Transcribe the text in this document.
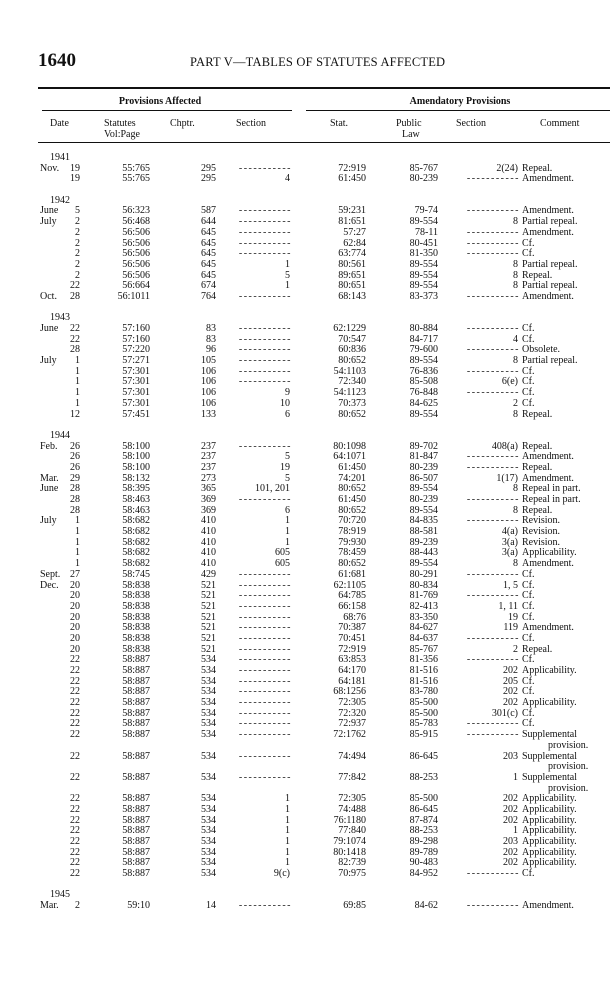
1640	PART V—TABLES OF STATUTES AFFECTED
Provisions Affected	Amendatory Provisions
Date	Statutes
Vol:Page
Chptr.	Section	Stat.	Public
Law
Section	Comment
1941
Nov. 19	55:765	295	- - - - - - - - - - -	72:919	85-767	2(24) Repeal.
19	55:765	295	4	61:450	80-239	- - - - - - - - - - - Amendment.
1942
June 5	56:323	587	- - - - - - - - - - -	59:231	79-74	- - - - - - - - - - - Amendment.
July 2	56:468	644	- - - - - - - - - - -	81:651	89-554	8 Partial repeal.
2	56:506	645	- - - - - - - - - - -	57:27	78-11	- - - - - - - - - - - Amendment.
2	56:506	645	- - - - - - - - - - -	62:84	80-451	- - - - - - - - - - - Cf.
2	56:506	645	- - - - - - - - - - -	63:774	81-350	- - - - - - - - - - - Cf.
2	56:506	645	1	80:561	89-554	8 Partial repeal.
2	56:506	645	5	89:651	89-554	8 Repeal.
22	56:664	674	1	80:651	89-554	8 Partial repeal.
Oct. 28	56:1011	764	- - - - - - - - - - -	68:143	83-373	- - - - - - - - - - - Amendment.
1943
June 22	57:160	83	- - - - - - - - - - -	62:1229	80-884	- - - - - - - - - - - Cf.
22	57:160	83	- - - - - - - - - - -	70:547	84-717	4 Cf.
28	57:220	96	- - - - - - - - - - -	60:836	79-600	- - - - - - - - - - - Obsolete.
July 1	57:271	105	- - - - - - - - - - -	80:652	89-554	8 Partial repeal.
1	57:301	106	- - - - - - - - - - -	54:1103	76-836	- - - - - - - - - - - Cf.
1	57:301	106	- - - - - - - - - - -	72:340	85-508	6(e) Cf.
1	57:301	106	9	54:1123	76-848	- - - - - - - - - - - Cf.
1	57:301	106	10	70:373	84-625	2 Cf.
12	57:451	133	6	80:652	89-554	8 Repeal.
1944
Feb. 26	58:100	237	- - - - - - - - - - -	80:1098	89-702	408(a) Repeal.
26	58:100	237	5	64:1071	81-847	- - - - - - - - - - - Amendment.
26	58:100	237	19	61:450	80-239	- - - - - - - - - - - Repeal.
Mar. 29	58:132	273	5	74:201	86-507	1(17) Amendment.
June 28	58:395	365	101, 201	80:652	89-554	8 Repeal in part.
28	58:463	369	- - - - - - - - - - -	61:450	80-239	- - - - - - - - - - - Repeal in part.
28	58:463	369	6	80:652	89-554	8 Repeal.
July 1	58:682	410	1	70:720	84-835	- - - - - - - - - - - Revision.
1	58:682	410	1	78:919	88-581	4(a) Revision.
1	58:682	410	1	79:930	89-239	3(a) Revision.
1	58:682	410	605	78:459	88-443	3(a) Applicability.
1	58:682	410	605	80:652	89-554	8 Amendment.
Sept. 27	58:745	429	- - - - - - - - - - -	61:681	80-291	- - - - - - - - - - - Cf.
Dec. 20	58:838	521	- - - - - - - - - - -	62:1105	80-834	1, 5 Cf.
20	58:838	521	- - - - - - - - - - -	64:785	81-769	- - - - - - - - - - - Cf.
20	58:838	521	- - - - - - - - - - -	66:158	82-413	1, 11 Cf.
20	58:838	521	- - - - - - - - - - -	68:76	83-350	19 Cf.
20	58:838	521	- - - - - - - - - - -	70:387	84-627	119 Amendment.
20	58:838	521	- - - - - - - - - - -	70:451	84-637	- - - - - - - - - - - Cf.
20	58:838	521	- - - - - - - - - - -	72:919	85-767	2 Repeal.
22	58:887	534	- - - - - - - - - - -	63:853	81-356	- - - - - - - - - - - Cf.
22	58:887	534	- - - - - - - - - - -	64:170	81-516	202 Applicability.
22	58:887	534	- - - - - - - - - - -	64:181	81-516	205 Cf.
22	58:887	534	- - - - - - - - - - -	68:1256	83-780	202 Cf.
22	58:887	534	- - - - - - - - - - -	72:305	85-500	202 Applicability.
22	58:887	534	- - - - - - - - - - -	72:320	85-500	301(c) Cf.
22	58:887	534	- - - - - - - - - - -	72:937	85-783	- - - - - - - - - - - Cf.
22	58:887	534	- - - - - - - - - - -	72:1762	85-915	- - - - - - - - - - - Supplemental
provision.
22	58:887	534	- - - - - - - - - - -	74:494	86-645	203 Supplemental
provision.
22	58:887	534	- - - - - - - - - - -	77:842	88-253	1 Supplemental
provision.
22	58:887	534	1	72:305	85-500	202 Applicability.
22	58:887	534	1	74:488	86-645	202 Applicability.
22	58:887	534	1	76:1180	87-874	202 Applicability.
22	58:887	534	1	77:840	88-253	1 Applicability.
22	58:887	534	1	79:1074	89-298	203 Applicability.
22	58:887	534	1	80:1418	89-789	202 Applicability.
22	58:887	534	1	82:739	90-483	202 Applicability.
22	58:887	534	9(c)	70:975	84-952	- - - - - - - - - - - Cf.
1945
Mar. 2	59:10	14	- - - - - - - - - - -	69:85	84-62	- - - - - - - - - - - Amendment.
